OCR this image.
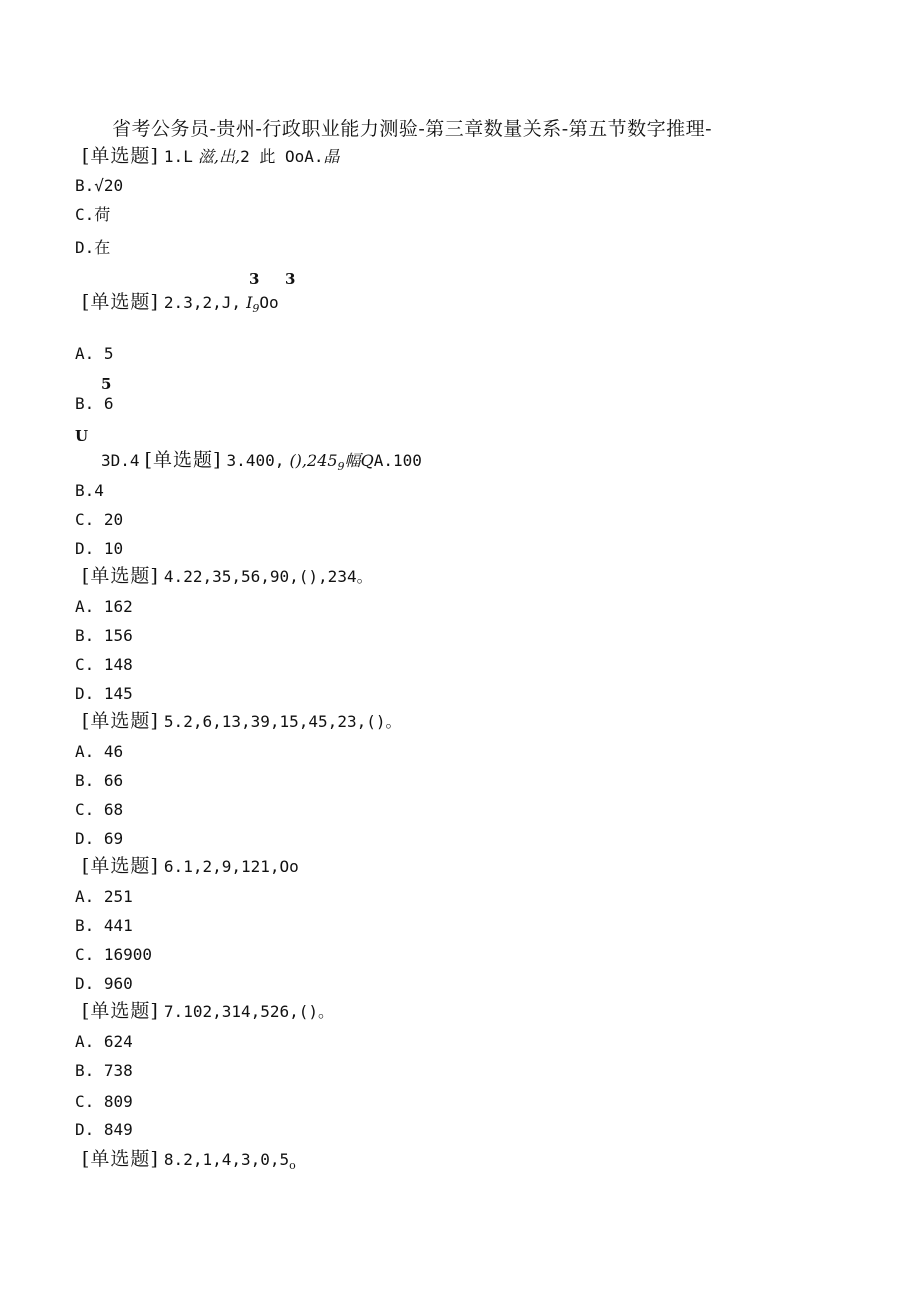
省考公务员-贵州-行政职业能力测验-第三章数量关系-第五节数字推理-
[单选题] 1.L 滋,出,2 此 OoA.晶
B.√20
C.荷
D.在
3 3
[单选题] 2.3,2,J, $I_9Oo$
A. 5
5
B. 6
U
3D.4 [单选题] 3.400, $(),245_9$幅QA.100
B.4
C. 20
D. 10
[单选题] 4.22,35,56,90,(),234。
A. 162
B. 156
C. 148
D. 145
[单选题] 5.2,6,13,39,15,45,23,()。
A. 46
B. 66
C. 68
D. 69
[单选题] 6.1,2,9,121,Oo
A. 251
B. 441
C. 16900
D. 960
[单选题] 7.102,314,526,()。
A. 624
B. 738
C. 809
D. 849
[单选题] $8.2,1,4,3,0,5_o$
